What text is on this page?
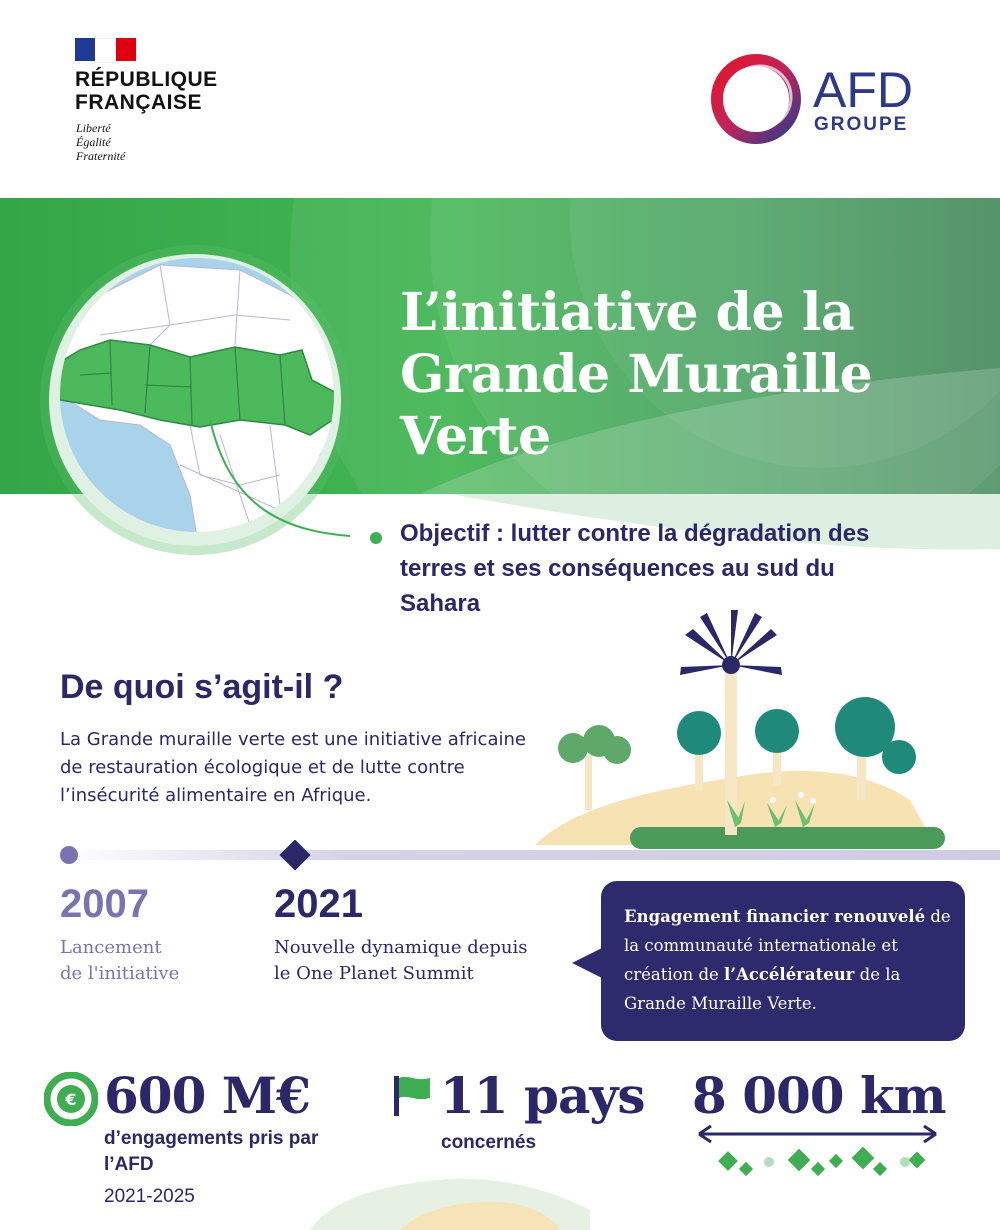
RÉPUBLIQUE
FRANÇAISE
Liberté
Égalité
Fraternité
AFD
GROUPE
L’initiative de la Grande Muraille Verte
Objectif : lutter contre la dégradation des terres et ses conséquences au sud du Sahara
De quoi s’agit-il ?
La Grande muraille verte est une initiative africaine de restauration écologique et de lutte contre l’insécurité alimentaire en Afrique.
2007
Lancement
de l'initiative
2021
Nouvelle dynamique depuis
le One Planet Summit
Engagement financier renouvelé de la communauté internationale et création de l’Accélérateur de la Grande Muraille Verte.
€ 600 M€
d’engagements pris par l’AFD
2021-2025
11 pays
concernés
8 000 km
